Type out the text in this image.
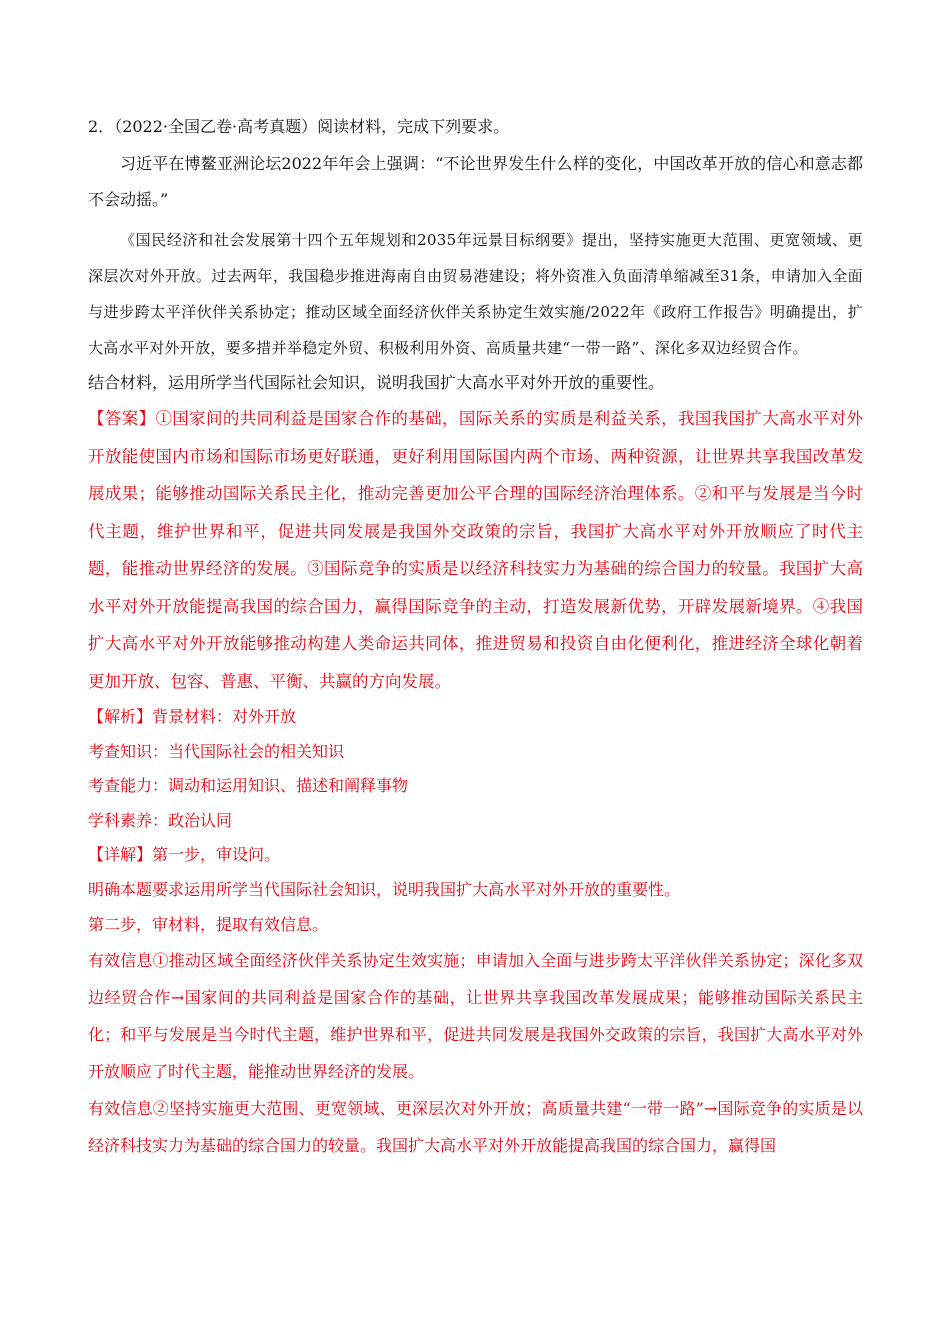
2．（2022·全国乙卷·高考真题）阅读材料，完成下列要求。

习近平在博鳌亚洲论坛2022年年会上强调：“不论世界发生什么样的变化，中国改革开放的信心和意志都不会动摇。”

《国民经济和社会发展第十四个五年规划和2035年远景目标纲要》提出，坚持实施更大范围、更宽领域、更深层次对外开放。过去两年，我国稳步推进海南自由贸易港建设；将外资准入负面清单缩减至31条，申请加入全面与进步跨太平洋伙伴关系协定；推动区域全面经济伙伴关系协定生效实施/2022年《政府工作报告》明确提出，扩大高水平对外开放，要多措并举稳定外贸、积极利用外资、高质量共建“一带一路”、深化多双边经贸合作。

结合材料，运用所学当代国际社会知识，说明我国扩大高水平对外开放的重要性。

【答案】①国家间的共同利益是国家合作的基础，国际关系的实质是利益关系，我国我国扩大高水平对外开放能使国内市场和国际市场更好联通，更好利用国际国内两个市场、两种资源，让世界共享我国改革发展成果；能够推动国际关系民主化，推动完善更加公平合理的国际经济治理体系。②和平与发展是当今时代主题，维护世界和平，促进共同发展是我国外交政策的宗旨，我国扩大高水平对外开放顺应了时代主题，能推动世界经济的发展。③国际竞争的实质是以经济科技实力为基础的综合国力的较量。我国扩大高水平对外开放能提高我国的综合国力，赢得国际竞争的主动，打造发展新优势，开辟发展新境界。④我国扩大高水平对外开放能够推动构建人类命运共同体，推进贸易和投资自由化便利化，推进经济全球化朝着更加开放、包容、普惠、平衡、共赢的方向发展。

【解析】背景材料：对外开放

考查知识：当代国际社会的相关知识

考查能力：调动和运用知识、描述和阐释事物

学科素养：政治认同

【详解】第一步，审设问。

明确本题要求运用所学当代国际社会知识，说明我国扩大高水平对外开放的重要性。

第二步，审材料，提取有效信息。

有效信息①推动区域全面经济伙伴关系协定生效实施；申请加入全面与进步跨太平洋伙伴关系协定；深化多双边经贸合作→国家间的共同利益是国家合作的基础，让世界共享我国改革发展成果；能够推动国际关系民主化；和平与发展是当今时代主题，维护世界和平，促进共同发展是我国外交政策的宗旨，我国扩大高水平对外开放顺应了时代主题，能推动世界经济的发展。

有效信息②坚持实施更大范围、更宽领域、更深层次对外开放；高质量共建“一带一路”→国际竞争的实质是以经济科技实力为基础的综合国力的较量。我国扩大高水平对外开放能提高我国的综合国力，赢得国
